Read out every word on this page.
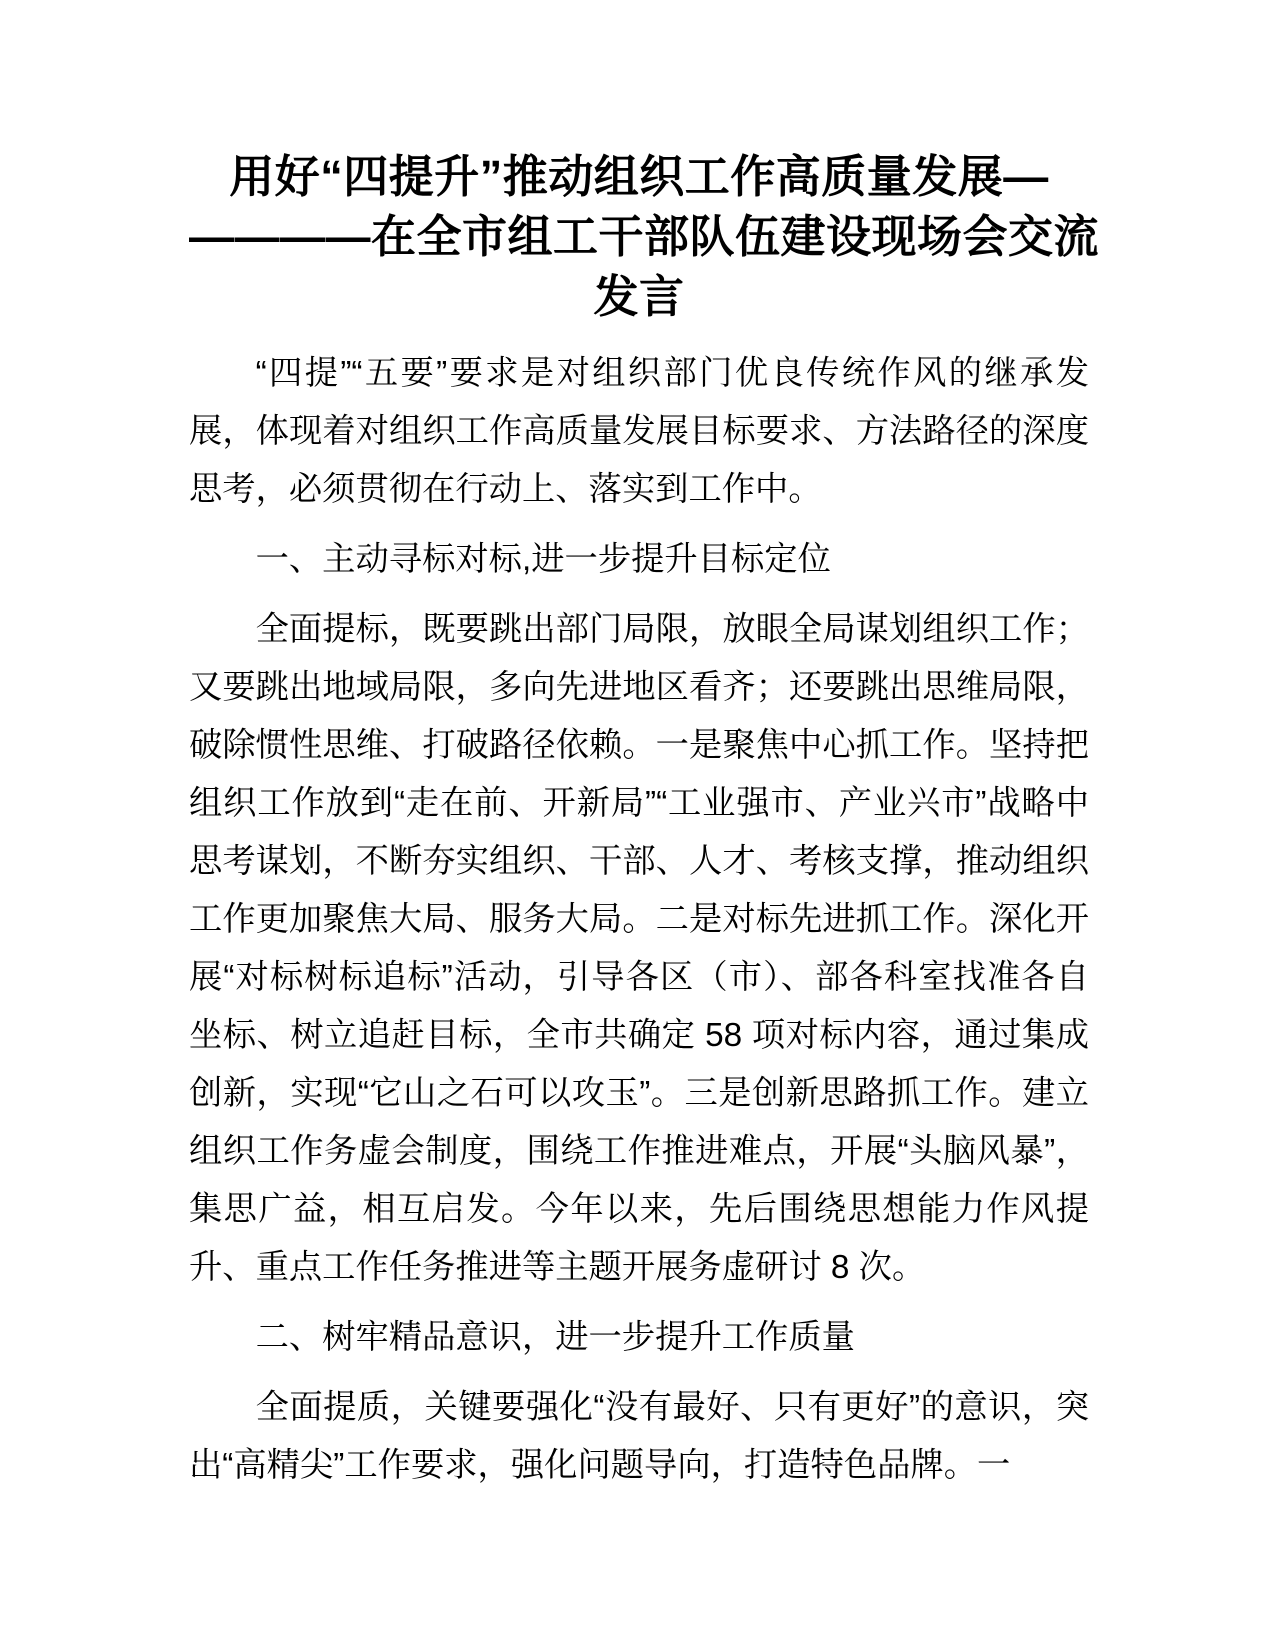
用好“四提升”推动组织工作高质量发展—
————在全市组工干部队伍建设现场会交流
发言

“四提”“五要”要求是对组织部门优良传统作风的继承发展，体现着对组织工作高质量发展目标要求、方法路径的深度思考，必须贯彻在行动上、落实到工作中。

一、主动寻标对标,进一步提升目标定位

全面提标，既要跳出部门局限，放眼全局谋划组织工作；又要跳出地域局限，多向先进地区看齐；还要跳出思维局限，破除惯性思维、打破路径依赖。一是聚焦中心抓工作。坚持把组织工作放到“走在前、开新局”“工业强市、产业兴市”战略中思考谋划，不断夯实组织、干部、人才、考核支撑，推动组织工作更加聚焦大局、服务大局。二是对标先进抓工作。深化开展“对标树标追标”活动，引导各区（市）、部各科室找准各自坐标、树立追赶目标，全市共确定 58 项对标内容，通过集成创新，实现“它山之石可以攻玉”。三是创新思路抓工作。建立组织工作务虚会制度，围绕工作推进难点，开展“头脑风暴”，集思广益，相互启发。今年以来，先后围绕思想能力作风提升、重点工作任务推进等主题开展务虚研讨 8 次。

二、树牢精品意识，进一步提升工作质量

全面提质，关键要强化“没有最好、只有更好”的意识，突出“高精尖”工作要求，强化问题导向，打造特色品牌。一
